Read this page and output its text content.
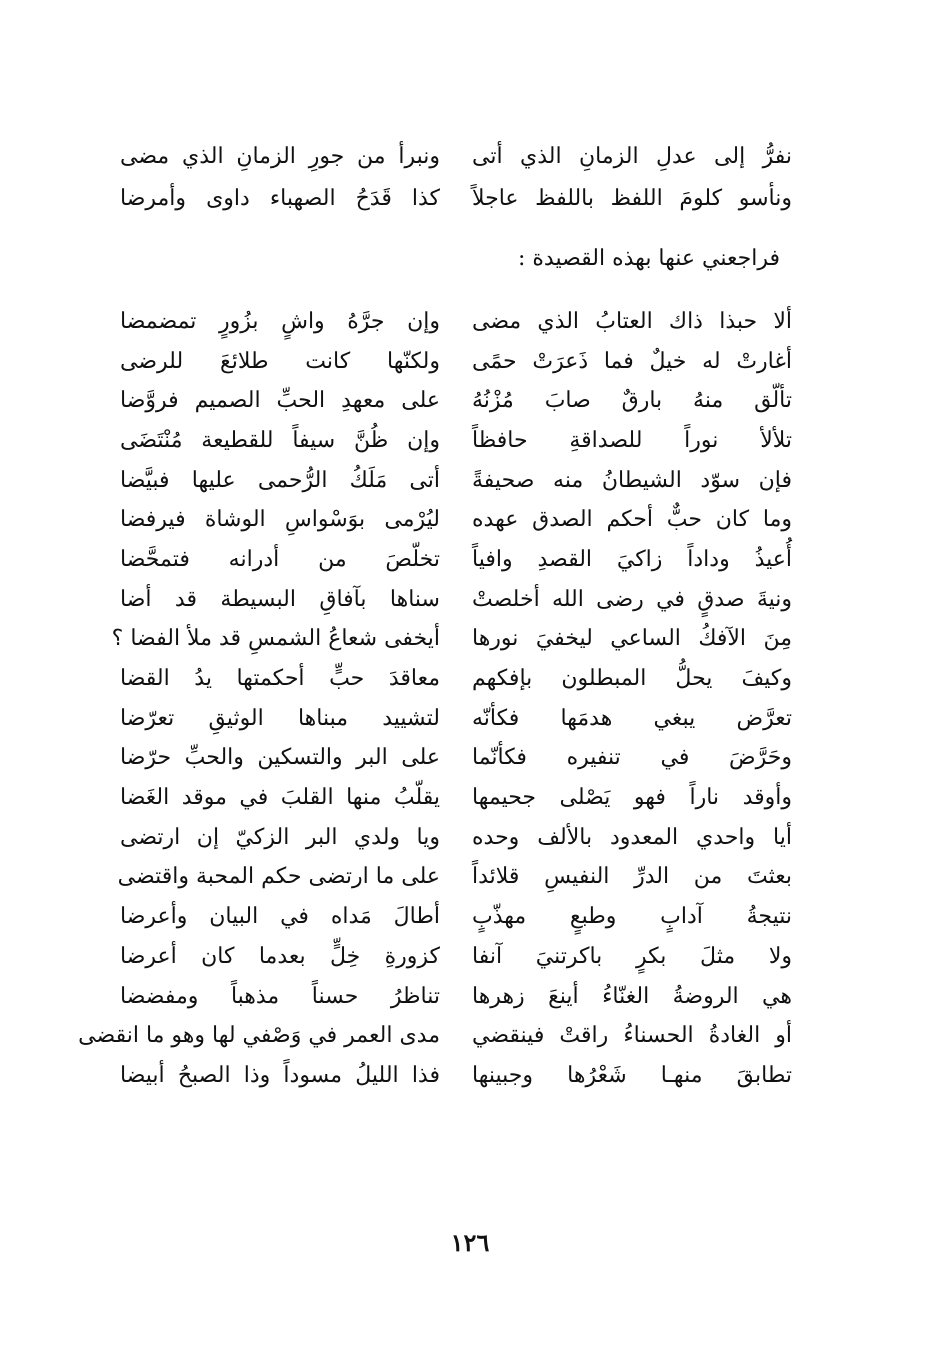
نفرُّ إلى عدلِ الزمانِ الذي أتى
ونبرأ من جورِ الزمانِ الذي مضى
ونأسو كلومَ اللفظ باللفظ عاجلاً
كذا قَدَحُ الصهباء داوى وأمرضا
فراجعني عنها بهذه القصيدة :
ألا حبذا ذاك العتابُ الذي مضى
وإن جرَّهُ واشٍ بزُورٍ تمضمضا
أغارتْ له خيلٌ فما ذَعرَتْ حمًى
ولكنّها كانت طلائعَ للرضى
تألّق منهُ بارقٌ صابَ مُزْنُهُ
على معهدِ الحبِّ الصميم فروَّضا
تلألأ نوراً للصداقةِ حافظاً
وإن ظُنَّ سيفاً للقطيعة مُنْتَضَى
فإن سوّد الشيطانُ منه صحيفةً
أتى مَلَكُ الرُّحمى عليها فبيَّضا
وما كان حبٌّ أحكم الصدق عهده
ليُرْمى بوَسْواسِ الوشاة فيرفضا
أُعيذُ وداداً زاكيَ القصدِ وافياً
تخلّصَ من أدرانه فتمحَّضا
ونيةَ صدقٍ في رضى الله أخلصتْ
سناها بآفاقِ البسيطة قد أضا
مِنَ الآفكُ الساعي ليخفيَ نورها
أيخفى شعاعُ الشمسِ قد ملأ الفضا ؟
وكيفَ يحلُّ المبطلون بإفكهم
معاقدَ حبٍّ أحكمتها يدُ القضا
تعرَّض يبغي هدمَها فكأنّه
لتشييد مبناها الوثيقِ تعرّضا
وحَرَّضَ في تنفيره فكأنّما
على البر والتسكين والحبِّ حرّضا
وأوقد ناراً فهو يَصْلى جحيمها
يقلّبُ منها القلبَ في موقد الغَضا
أيا واحدي المعدود بالألف وحده
ويا ولدي البر الزكيّ إن ارتضى
بعثتَ من الدرِّ النفيسِ قلائداً
على ما ارتضى حكم المحبة واقتضى
نتيجةُ آدابٍ وطبعٍ مهذّبٍ
أطالَ مَداه في البيان وأعرضا
ولا مثلَ بكرٍ باكرتنيَ آنفا
كزورةِ خِلٍّ بعدما كان أعرضا
هي الروضةُ الغنّاءُ أينعَ زهرها
تناظرُ حسناً مذهباً ومفضضا
أو الغادةُ الحسناءُ راقتْ فينقضي
مدى العمر في وَصْفي لها وهو ما انقضى
تطابقَ منهـا شَعْرُها وجبينها
فذا الليلُ مسوداً وذا الصبحُ أبيضا
١٢٦
